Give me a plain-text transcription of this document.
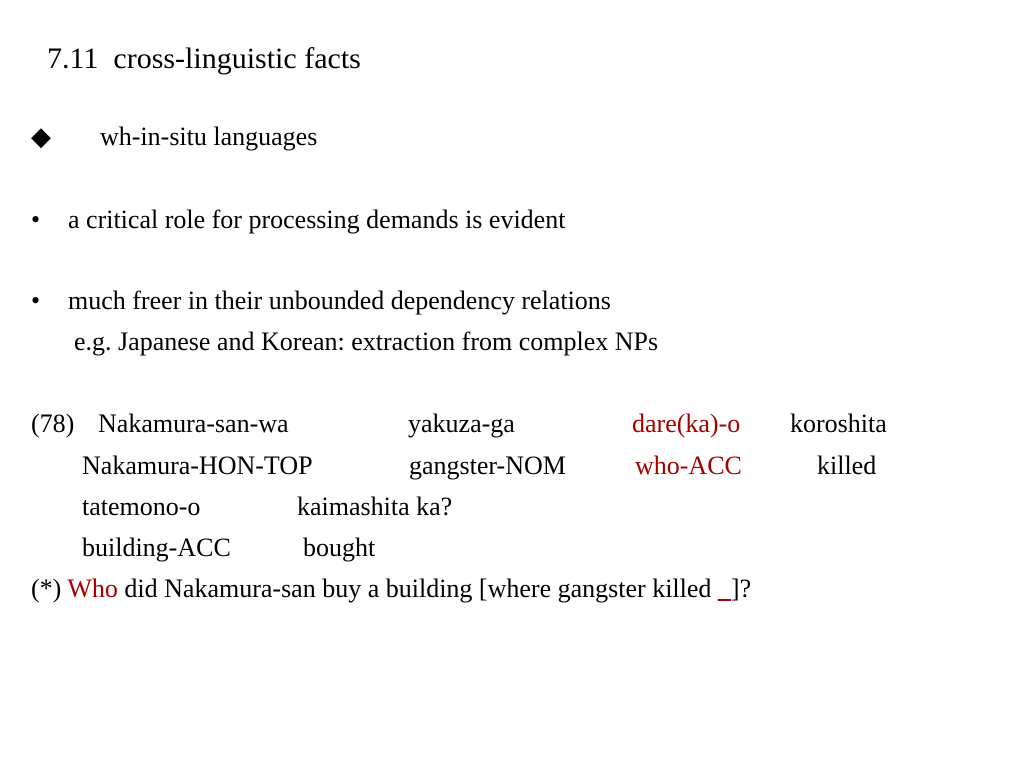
7.11  cross-linguistic facts
◆ wh-in-situ languages
• a critical role for processing demands is evident
• much freer in their unbounded dependency relations
e.g. Japanese and Korean: extraction from complex NPs
(78) Nakamura-san-wa	yakuza-ga	dare(ka)-o koroshita
Nakamura-HON-TOP	gangster-NOM	who-ACC	killed
tatemono-o	kaimashita ka?
building-ACC	bought
(*) Who did Nakamura-san buy a building [where gangster killed _]?
